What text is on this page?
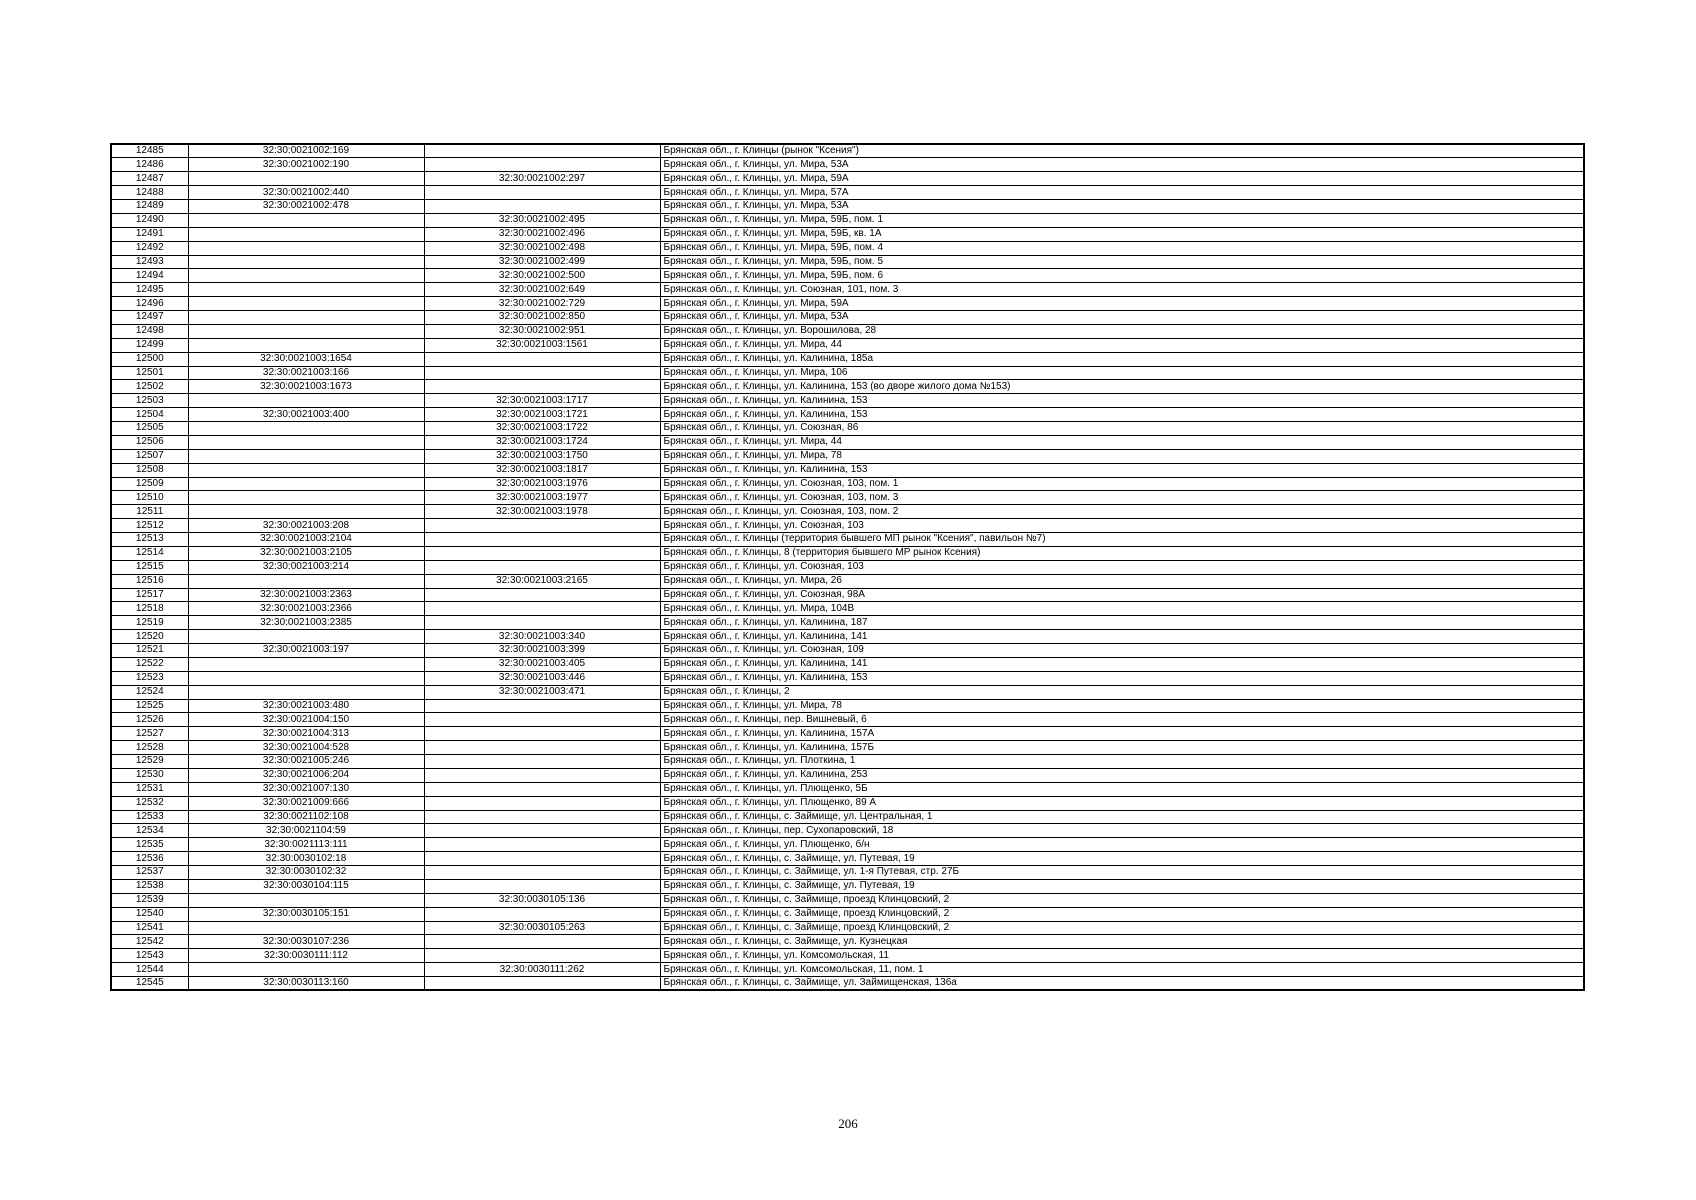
12485	32:30:0021002:169		Брянская обл., г. Клинцы (рынок "Ксения")
12486	32:30:0021002:190		Брянская обл., г. Клинцы, ул. Мира, 53А
12487		32:30:0021002:297	Брянская обл., г. Клинцы, ул. Мира, 59А
12488	32:30:0021002:440		Брянская обл., г. Клинцы, ул. Мира, 57А
12489	32:30:0021002:478		Брянская обл., г. Клинцы, ул. Мира, 53А
12490		32:30:0021002:495	Брянская обл., г. Клинцы, ул. Мира, 59Б, пом. 1
12491		32:30:0021002:496	Брянская обл., г. Клинцы, ул. Мира, 59Б, кв. 1А
12492		32:30:0021002:498	Брянская обл., г. Клинцы, ул. Мира, 59Б, пом. 4
12493		32:30:0021002:499	Брянская обл., г. Клинцы, ул. Мира, 59Б, пом. 5
12494		32:30:0021002:500	Брянская обл., г. Клинцы, ул. Мира, 59Б, пом. 6
12495		32:30:0021002:649	Брянская обл., г. Клинцы, ул. Союзная, 101, пом. 3
12496		32:30:0021002:729	Брянская обл., г. Клинцы, ул. Мира, 59А
12497		32:30:0021002:850	Брянская обл., г. Клинцы, ул. Мира, 53А
12498		32:30:0021002:951	Брянская обл., г. Клинцы, ул. Ворошилова, 28
12499		32:30:0021003:1561	Брянская обл., г. Клинцы, ул. Мира, 44
12500	32:30:0021003:1654		Брянская обл., г. Клинцы, ул. Калинина, 185а
12501	32:30:0021003:166		Брянская обл., г. Клинцы, ул. Мира, 106
12502	32:30:0021003:1673		Брянская обл., г. Клинцы, ул. Калинина, 153 (во дворе жилого дома №153)
12503		32:30:0021003:1717	Брянская обл., г. Клинцы, ул. Калинина, 153
12504	32:30:0021003:400	32:30:0021003:1721	Брянская обл., г. Клинцы, ул. Калинина, 153
12505		32:30:0021003:1722	Брянская обл., г. Клинцы, ул. Союзная, 86
12506		32:30:0021003:1724	Брянская обл., г. Клинцы, ул. Мира, 44
12507		32:30:0021003:1750	Брянская обл., г. Клинцы, ул. Мира, 78
12508		32:30:0021003:1817	Брянская обл., г. Клинцы, ул. Калинина, 153
12509		32:30:0021003:1976	Брянская обл., г. Клинцы, ул. Союзная, 103, пом. 1
12510		32:30:0021003:1977	Брянская обл., г. Клинцы, ул. Союзная, 103, пом. 3
12511		32:30:0021003:1978	Брянская обл., г. Клинцы, ул. Союзная, 103, пом. 2
12512	32:30:0021003:208		Брянская обл., г. Клинцы, ул. Союзная, 103
12513	32:30:0021003:2104		Брянская обл., г. Клинцы (территория бывшего МП рынок "Ксения", павильон №7)
12514	32:30:0021003:2105		Брянская обл., г. Клинцы, 8 (территория бывшего МР рынок Ксения)
12515	32:30:0021003:214		Брянская обл., г. Клинцы, ул. Союзная, 103
12516		32:30:0021003:2165	Брянская обл., г. Клинцы, ул. Мира, 26
12517	32:30:0021003:2363		Брянская обл., г. Клинцы, ул. Союзная, 98А
12518	32:30:0021003:2366		Брянская обл., г. Клинцы, ул. Мира, 104В
12519	32:30:0021003:2385		Брянская обл., г. Клинцы, ул. Калинина, 187
12520		32:30:0021003:340	Брянская обл., г. Клинцы, ул. Калинина, 141
12521	32:30:0021003:197	32:30:0021003:399	Брянская обл., г. Клинцы, ул. Союзная, 109
12522		32:30:0021003:405	Брянская обл., г. Клинцы, ул. Калинина, 141
12523		32:30:0021003:446	Брянская обл., г. Клинцы, ул. Калинина, 153
12524		32:30:0021003:471	Брянская обл., г. Клинцы, 2
12525	32:30:0021003:480		Брянская обл., г. Клинцы, ул. Мира, 78
12526	32:30:0021004:150		Брянская обл., г. Клинцы, пер. Вишневый, 6
12527	32:30:0021004:313		Брянская обл., г. Клинцы, ул. Калинина, 157А
12528	32:30:0021004:528		Брянская обл., г. Клинцы, ул. Калинина, 157Б
12529	32:30:0021005:246		Брянская обл., г. Клинцы, ул. Плоткина, 1
12530	32:30:0021006:204		Брянская обл., г. Клинцы, ул. Калинина, 253
12531	32:30:0021007:130		Брянская обл., г. Клинцы, ул. Плющенко, 5Б
12532	32:30:0021009:666		Брянская обл., г. Клинцы, ул. Плющенко, 89 А
12533	32:30:0021102:108		Брянская обл., г. Клинцы, с. Займище, ул. Центральная, 1
12534	32:30:0021104:59		Брянская обл., г. Клинцы, пер. Сухопаровский, 18
12535	32:30:0021113:111		Брянская обл., г. Клинцы, ул. Плющенко, б/н
12536	32:30:0030102:18		Брянская обл., г. Клинцы, с. Займище, ул. Путевая, 19
12537	32:30:0030102:32		Брянская обл., г. Клинцы, с. Займище, ул. 1-я Путевая, стр. 27Б
12538	32:30:0030104:115		Брянская обл., г. Клинцы, с. Займище, ул. Путевая, 19
12539		32:30:0030105:136	Брянская обл., г. Клинцы, с. Займище, проезд Клинцовский, 2
12540	32:30:0030105:151		Брянская обл., г. Клинцы, с. Займище, проезд Клинцовский, 2
12541		32:30:0030105:263	Брянская обл., г. Клинцы, с. Займище, проезд Клинцовский, 2
12542	32:30:0030107:236		Брянская обл., г. Клинцы, с. Займище, ул. Кузнецкая
12543	32:30:0030111:112		Брянская обл., г. Клинцы, ул. Комсомольская, 11
12544		32:30:0030111:262	Брянская обл., г. Клинцы, ул. Комсомольская, 11, пом. 1
12545	32:30:0030113:160		Брянская обл., г. Клинцы, с. Займище, ул. Займищенская, 136а
206
